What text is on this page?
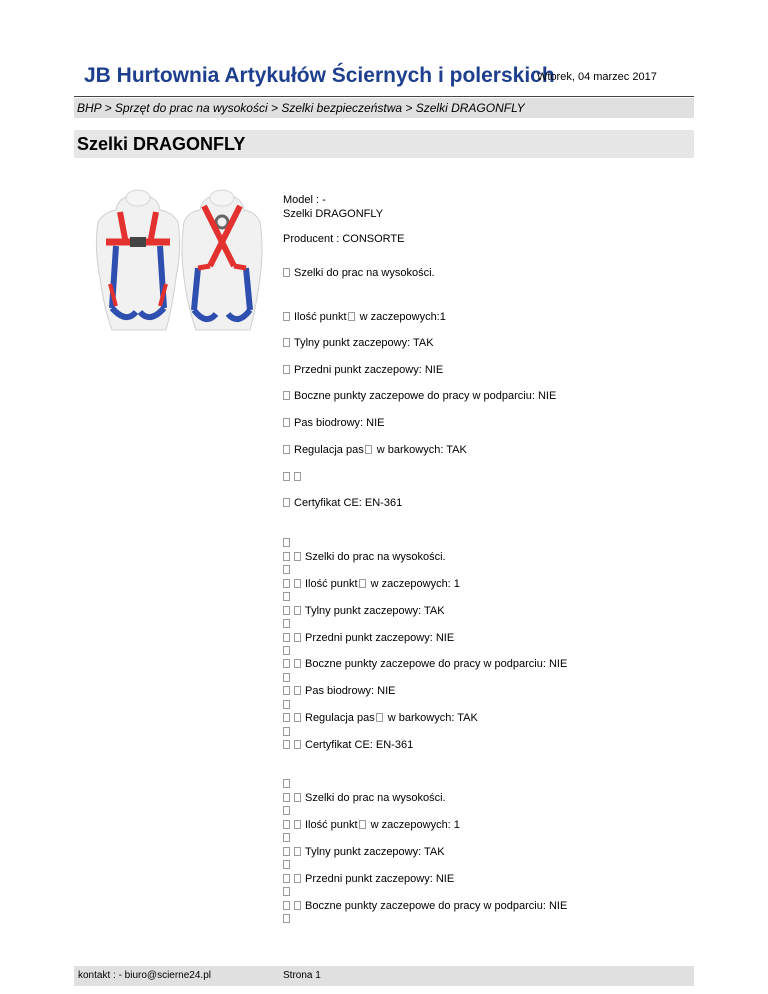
JB Hurtownia Artykułów Ściernych i polerskich
Wtorek, 04 marzec 2017
BHP > Sprzęt do prac na wysokości > Szelki bezpieczeństwa > Szelki DRAGONFLY
Szelki DRAGONFLY
Model : -
Szelki DRAGONFLY
Producent : CONSORTE
Szelki do prac na wysokości.
Ilość punkt w zaczepowych:1
Tylny punkt zaczepowy: TAK
Przedni punkt zaczepowy: NIE
Boczne punkty zaczepowe do pracy w podparciu: NIE
Pas biodrowy: NIE
Regulacja pas w barkowych: TAK
Certyfikat CE: EN-361
Szelki do prac na wysokości.
Ilość punkt w zaczepowych: 1
Tylny punkt zaczepowy: TAK
Przedni punkt zaczepowy: NIE
Boczne punkty zaczepowe do pracy w podparciu: NIE
Pas biodrowy: NIE
Regulacja pas w barkowych: TAK
Certyfikat CE: EN-361
Szelki do prac na wysokości.
Ilość punkt w zaczepowych: 1
Tylny punkt zaczepowy: TAK
Przedni punkt zaczepowy: NIE
Boczne punkty zaczepowe do pracy w podparciu: NIE
kontakt : - biuro@scierne24.pl	Strona 1
